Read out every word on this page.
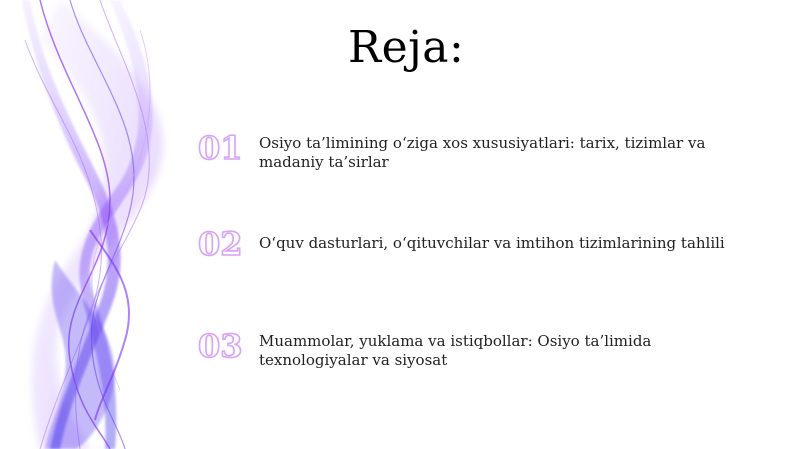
Reja:
01	Osiyo ta’limining o‘ziga xos xususiyatlari: tarix, tizimlar va madaniy ta’sirlar
02	O‘quv dasturlari, o‘qituvchilar va imtihon tizimlarining tahlili
03	Muammolar, yuklama va istiqbollar: Osiyo ta’limida texnologiyalar va siyosat
